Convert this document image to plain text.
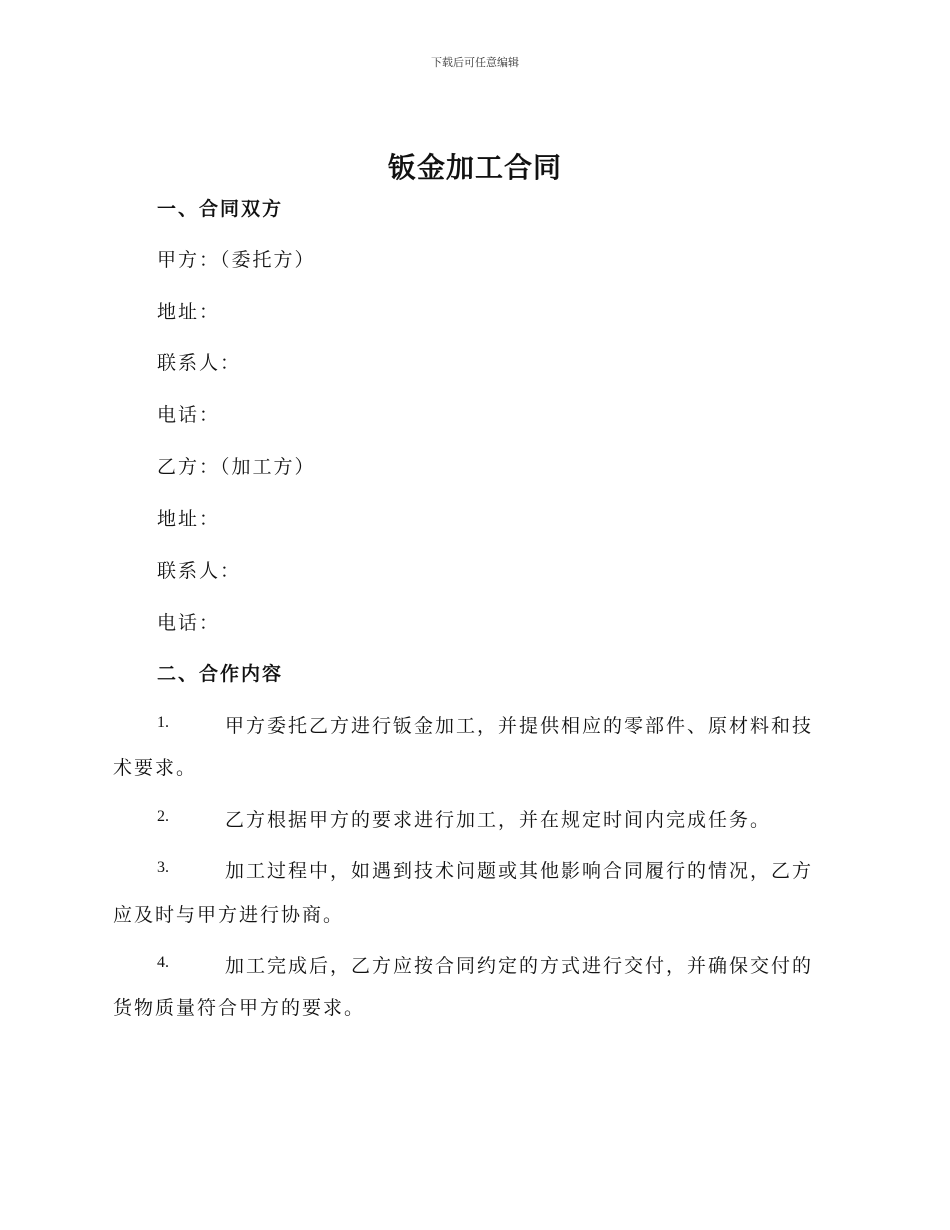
下载后可任意编辑
钣金加工合同
一、合同双方
甲方：（委托方）
地址：
联系人：
电话：
乙方：（加工方）
地址：
联系人：
电话：
二、合作内容
1.	甲方委托乙方进行钣金加工，并提供相应的零部件、原材料和技
术要求。
2.	乙方根据甲方的要求进行加工，并在规定时间内完成任务。
3.	加工过程中，如遇到技术问题或其他影响合同履行的情况，乙方
应及时与甲方进行协商。
4.	加工完成后，乙方应按合同约定的方式进行交付，并确保交付的
货物质量符合甲方的要求。
